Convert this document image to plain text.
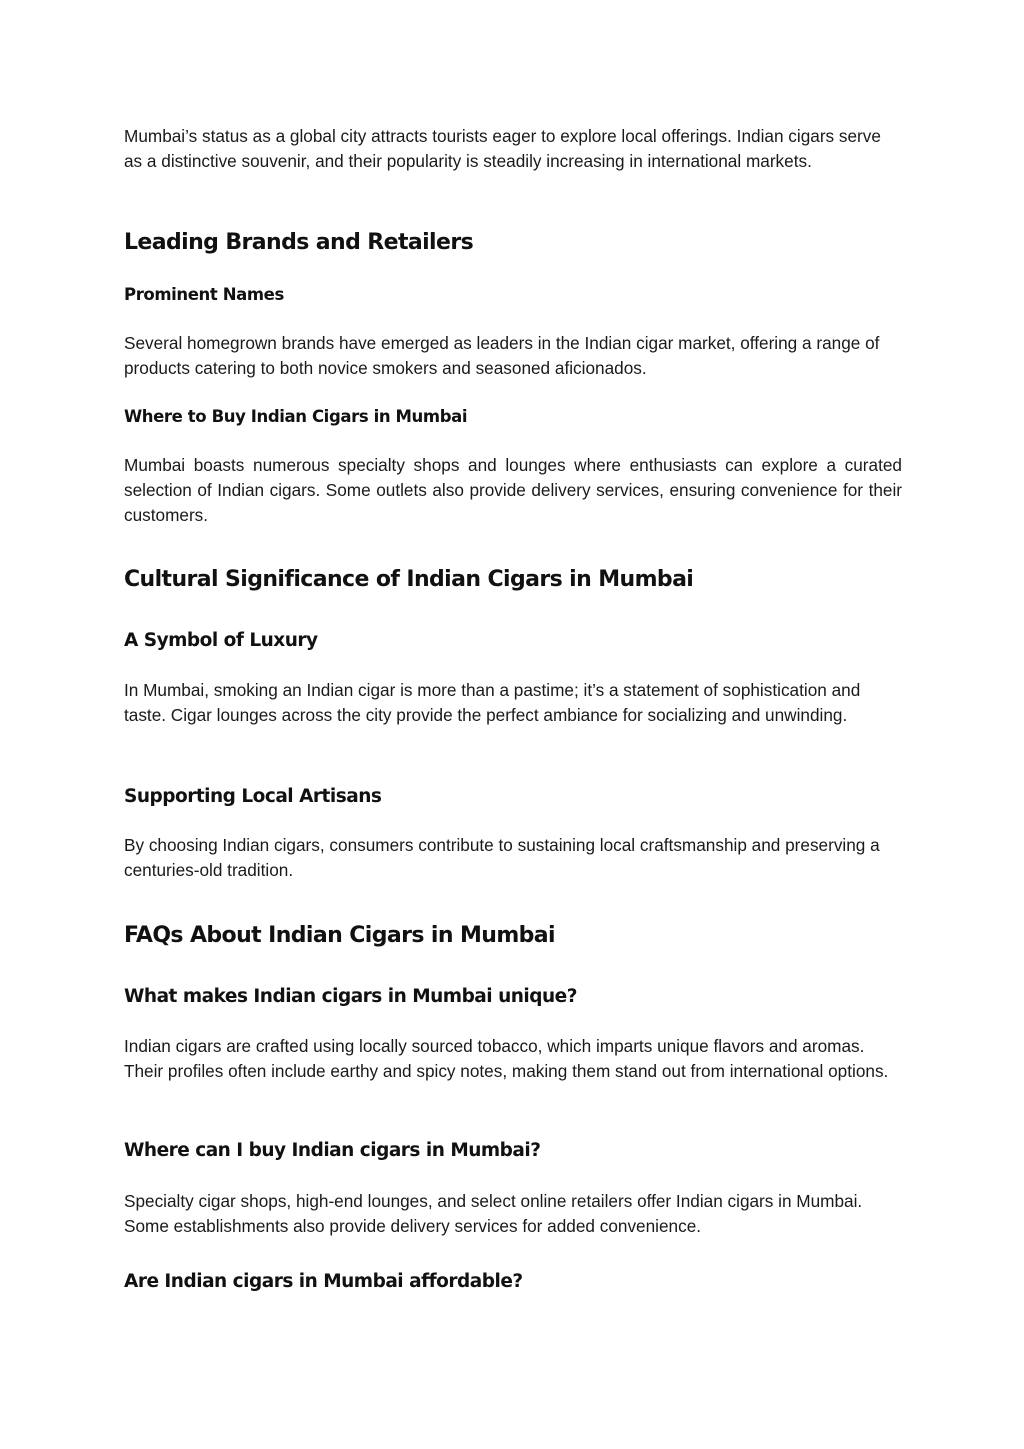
Mumbai’s status as a global city attracts tourists eager to explore local offerings. Indian cigars serve as a distinctive souvenir, and their popularity is steadily increasing in international markets.

Leading Brands and Retailers
Prominent Names

Several homegrown brands have emerged as leaders in the Indian cigar market, offering a range of products catering to both novice smokers and seasoned aficionados.

Where to Buy Indian Cigars in Mumbai

Mumbai boasts numerous specialty shops and lounges where enthusiasts can explore a curated selection of Indian cigars. Some outlets also provide delivery services, ensuring convenience for their customers.

Cultural Significance of Indian Cigars in Mumbai
A Symbol of Luxury

In Mumbai, smoking an Indian cigar is more than a pastime; it’s a statement of sophistication and taste. Cigar lounges across the city provide the perfect ambiance for socializing and unwinding.

Supporting Local Artisans

By choosing Indian cigars, consumers contribute to sustaining local craftsmanship and preserving a centuries-old tradition.

FAQs About Indian Cigars in Mumbai
What makes Indian cigars in Mumbai unique?

Indian cigars are crafted using locally sourced tobacco, which imparts unique flavors and aromas. Their profiles often include earthy and spicy notes, making them stand out from international options.

Where can I buy Indian cigars in Mumbai?

Specialty cigar shops, high-end lounges, and select online retailers offer Indian cigars in Mumbai. Some establishments also provide delivery services for added convenience.

Are Indian cigars in Mumbai affordable?
